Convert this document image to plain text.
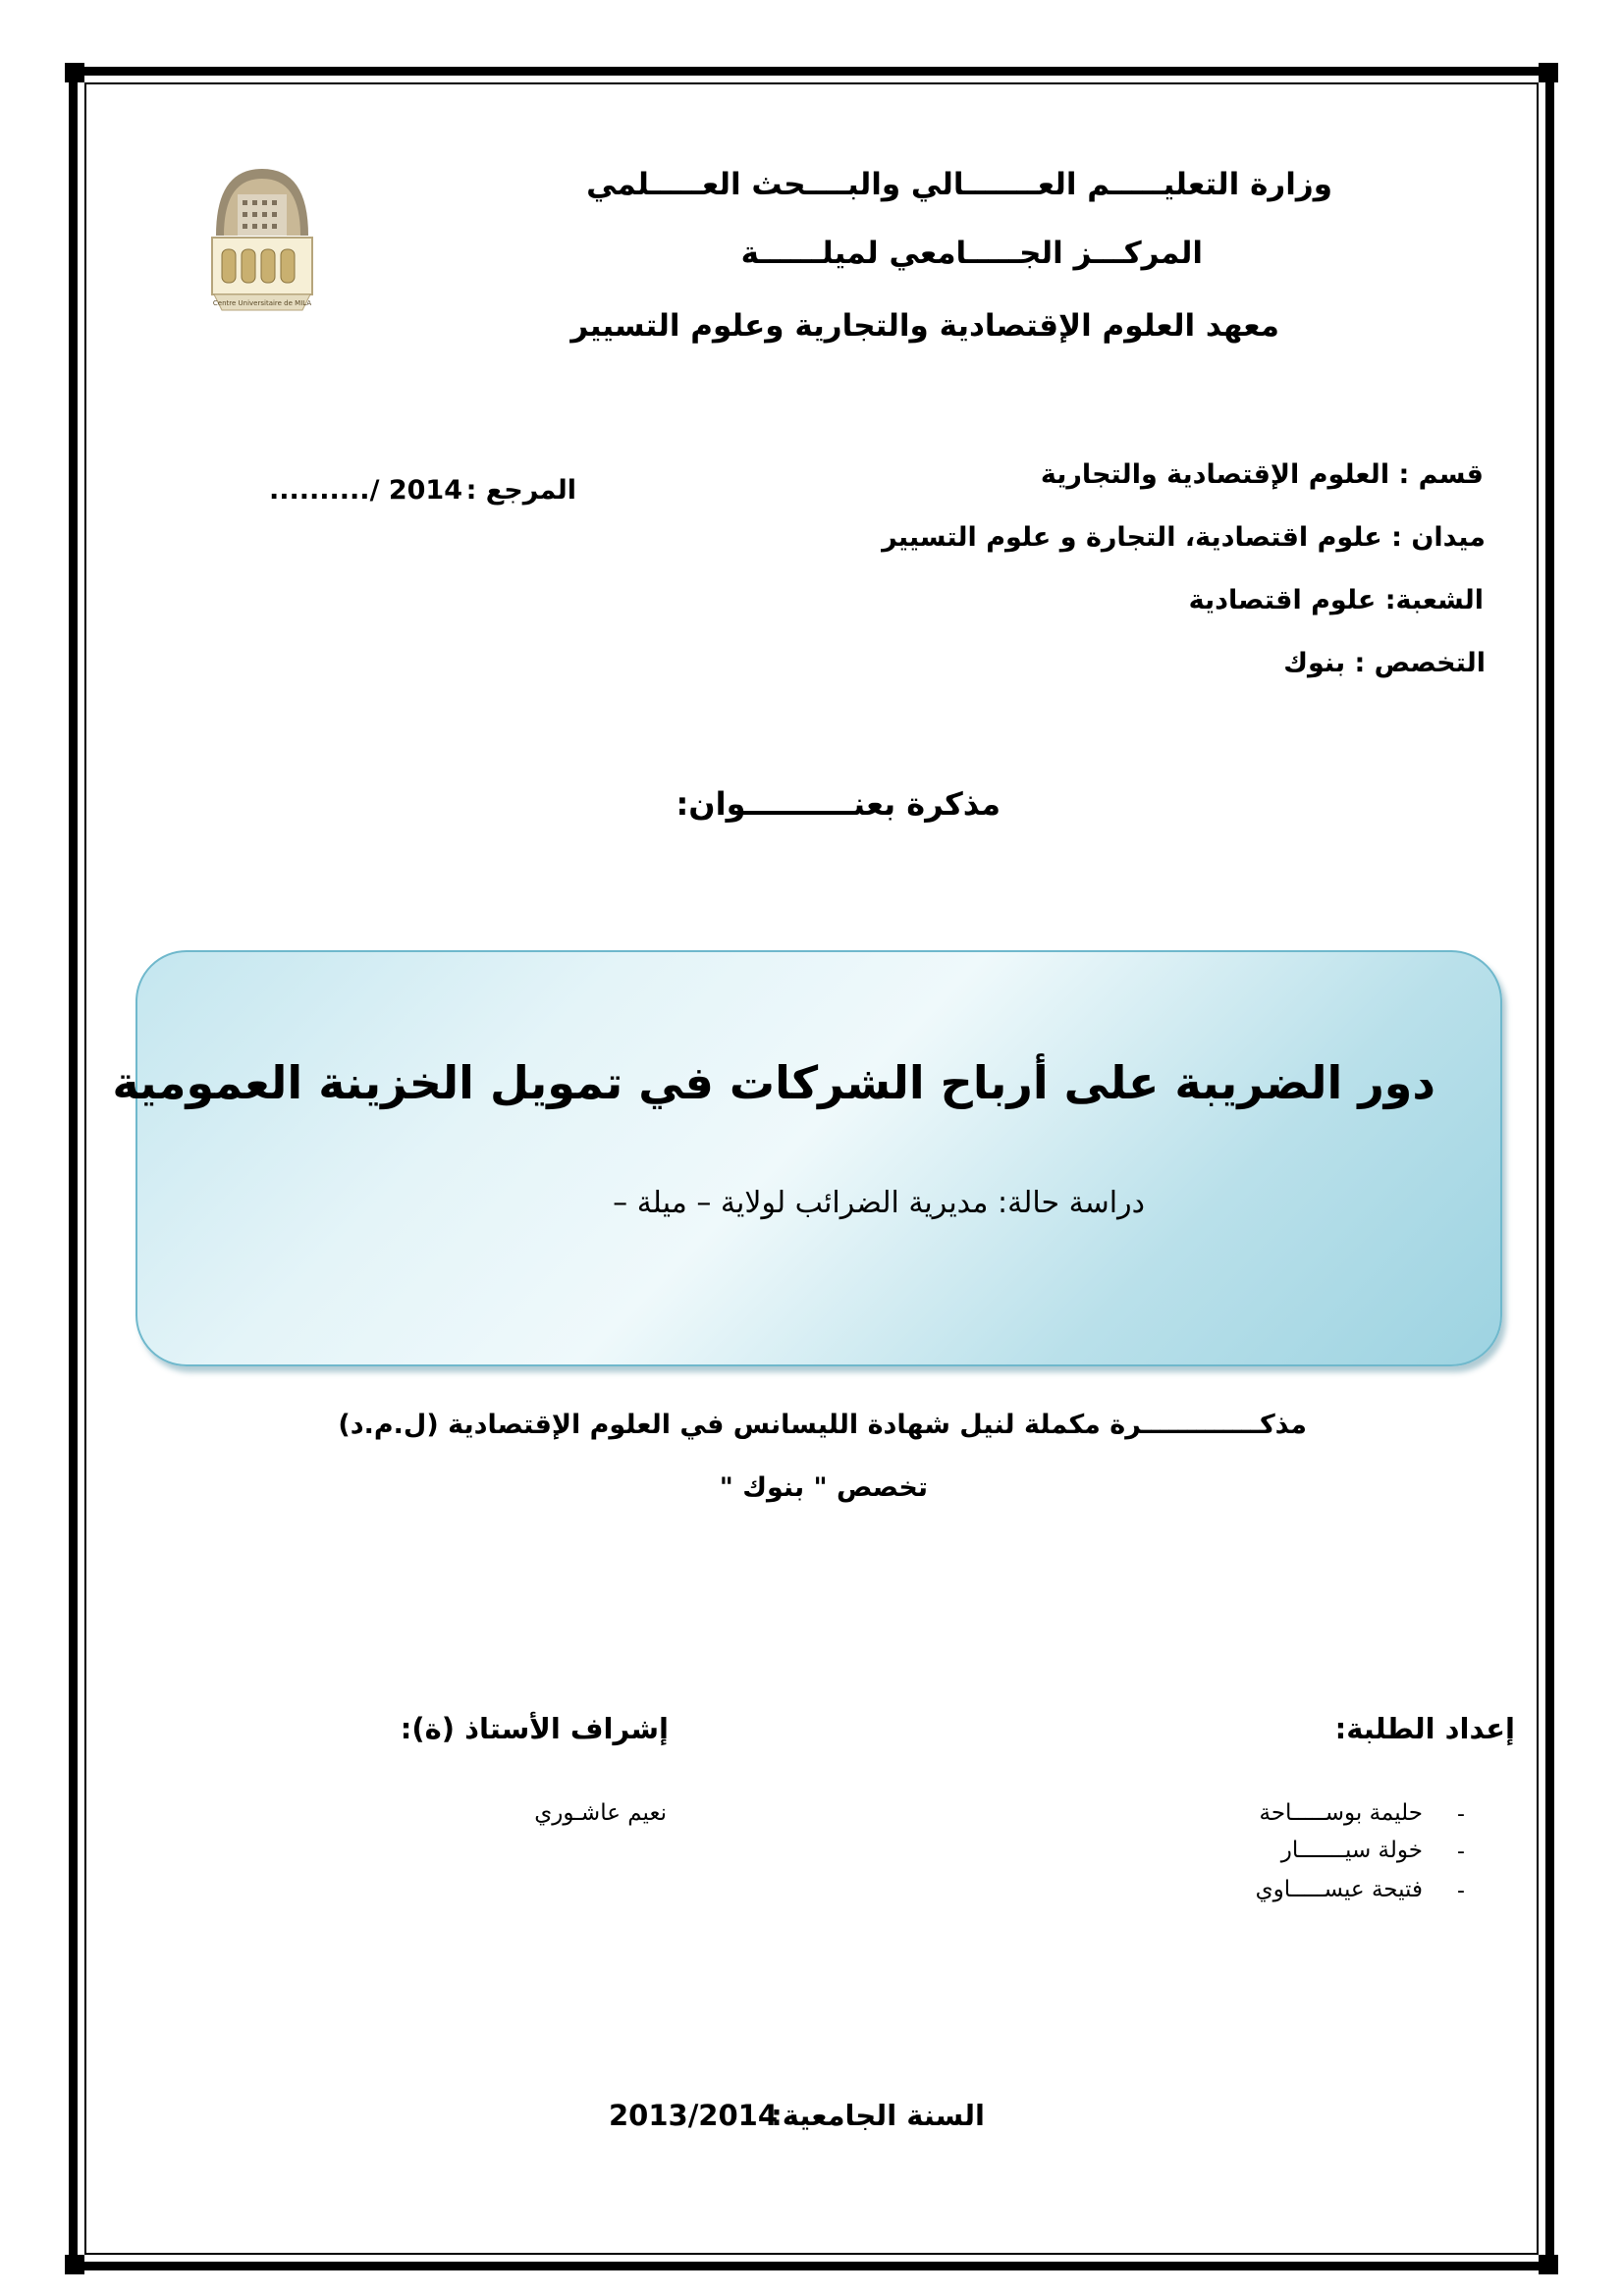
Centre Universitaire de MILA
وزارة التعليـــــم العـــــــالي والبــــحث العـــــلمي
المركـــز الجـــــامعي لميلــــــة
معهد العلوم الإقتصادية والتجارية وعلوم التسيير
قسم : العلوم الإقتصادية والتجارية
ميدان : علوم اقتصادية، التجارة و علوم التسيير
الشعبة: علوم اقتصادية
التخصص : بنوك
المرجع :
........../ 2014
مذكرة بعنــــــــــوان:
دور الضريبة على أرباح الشركات في تمويل الخزينة العمومية
دراسة حالة: مديرية الضرائب لولاية – ميلة –
مذكـــــــــــــرة مكملة لنيل شهادة الليسانس في العلوم الإقتصادية (ل.م.د)
تخصص " بنوك "
إعداد الطلبة:
-
-
-
حليمة بوســـــاحة
خولة سيـــــــار
فتيحة عيســـــاوي
إشراف الأستاذ (ة):
نعيم عاشـوري
السنة الجامعية:
2013/2014
